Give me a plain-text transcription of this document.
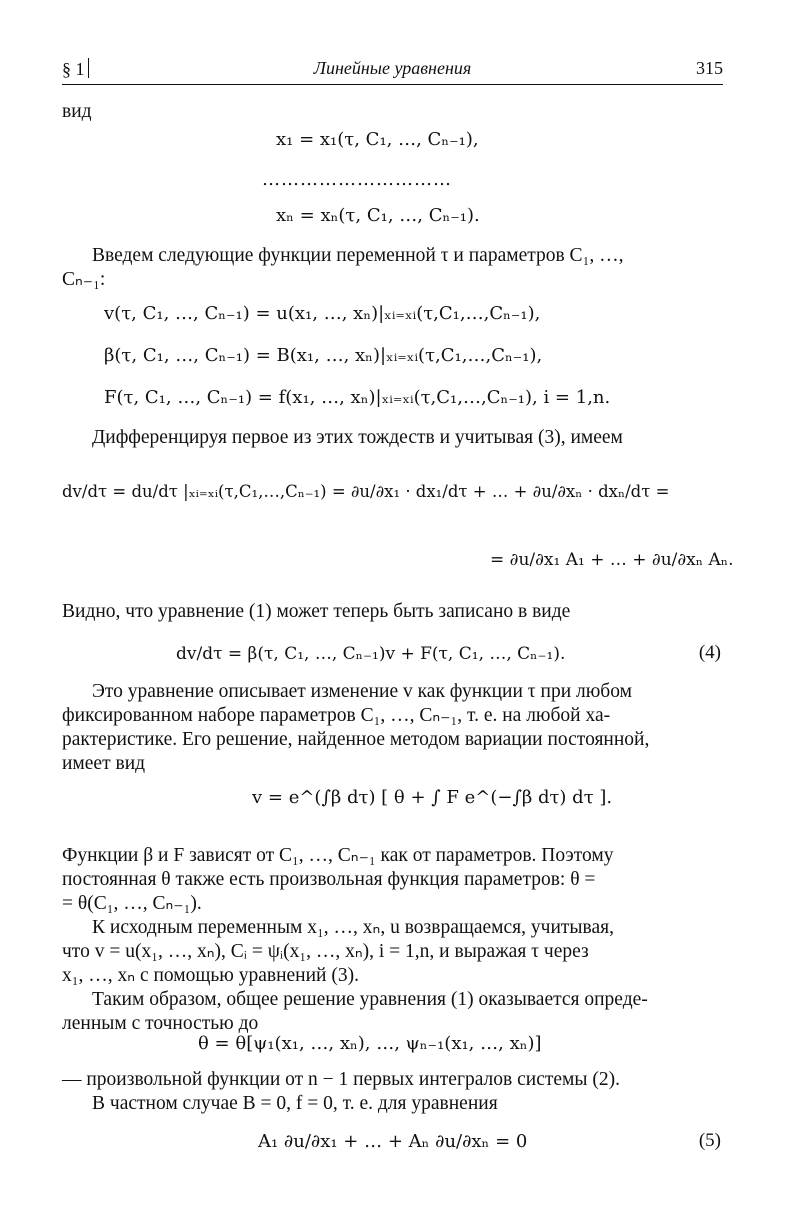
§ 1	Линейные уравнения	315
вид
x₁ = x₁(τ, C₁, …, Cₙ₋₁),
…………………………
xₙ = xₙ(τ, C₁, …, Cₙ₋₁).
Введем следующие функции переменной τ и параметров C₁, …,
Cₙ₋₁:
v(τ, C₁, …, Cₙ₋₁) = u(x₁, …, xₙ)|ₓᵢ₌ₓᵢ(τ,C₁,…,Cₙ₋₁),
β(τ, C₁, …, Cₙ₋₁) = B(x₁, …, xₙ)|ₓᵢ₌ₓᵢ(τ,C₁,…,Cₙ₋₁),
F(τ, C₁, …, Cₙ₋₁) = f(x₁, …, xₙ)|ₓᵢ₌ₓᵢ(τ,C₁,…,Cₙ₋₁), i = 1,n.
Дифференцируя первое из этих тождеств и учитывая (3), имеем
dv/dτ = du/dτ |ₓᵢ₌ₓᵢ(τ,C₁,…,Cₙ₋₁) = ∂u/∂x₁ · dx₁/dτ + … + ∂u/∂xₙ · dxₙ/dτ =
= ∂u/∂x₁ A₁ + … + ∂u/∂xₙ Aₙ.
Видно, что уравнение (1) может теперь быть записано в виде
dv/dτ = β(τ, C₁, …, Cₙ₋₁)v + F(τ, C₁, …, Cₙ₋₁).	(4)
Это уравнение описывает изменение v как функции τ при любом
фиксированном наборе параметров C₁, …, Cₙ₋₁, т. е. на любой ха-
рактеристике. Его решение, найденное методом вариации постоянной,
имеет вид
v = e^(∫β dτ) [ θ + ∫ F e^(−∫β dτ) dτ ].
Функции β и F зависят от C₁, …, Cₙ₋₁ как от параметров. Поэтому
постоянная θ также есть произвольная функция параметров: θ =
= θ(C₁, …, Cₙ₋₁).
К исходным переменным x₁, …, xₙ, u возвращаемся, учитывая,
что v = u(x₁, …, xₙ), Cᵢ = ψᵢ(x₁, …, xₙ), i = 1,n, и выражая τ через
x₁, …, xₙ с помощью уравнений (3).
Таким образом, общее решение уравнения (1) оказывается опреде-
ленным с точностью до
θ = θ[ψ₁(x₁, …, xₙ), …, ψₙ₋₁(x₁, …, xₙ)]
— произвольной функции от n − 1 первых интегралов системы (2).
В частном случае B = 0, f = 0, т. е. для уравнения
A₁ ∂u/∂x₁ + … + Aₙ ∂u/∂xₙ = 0	(5)
